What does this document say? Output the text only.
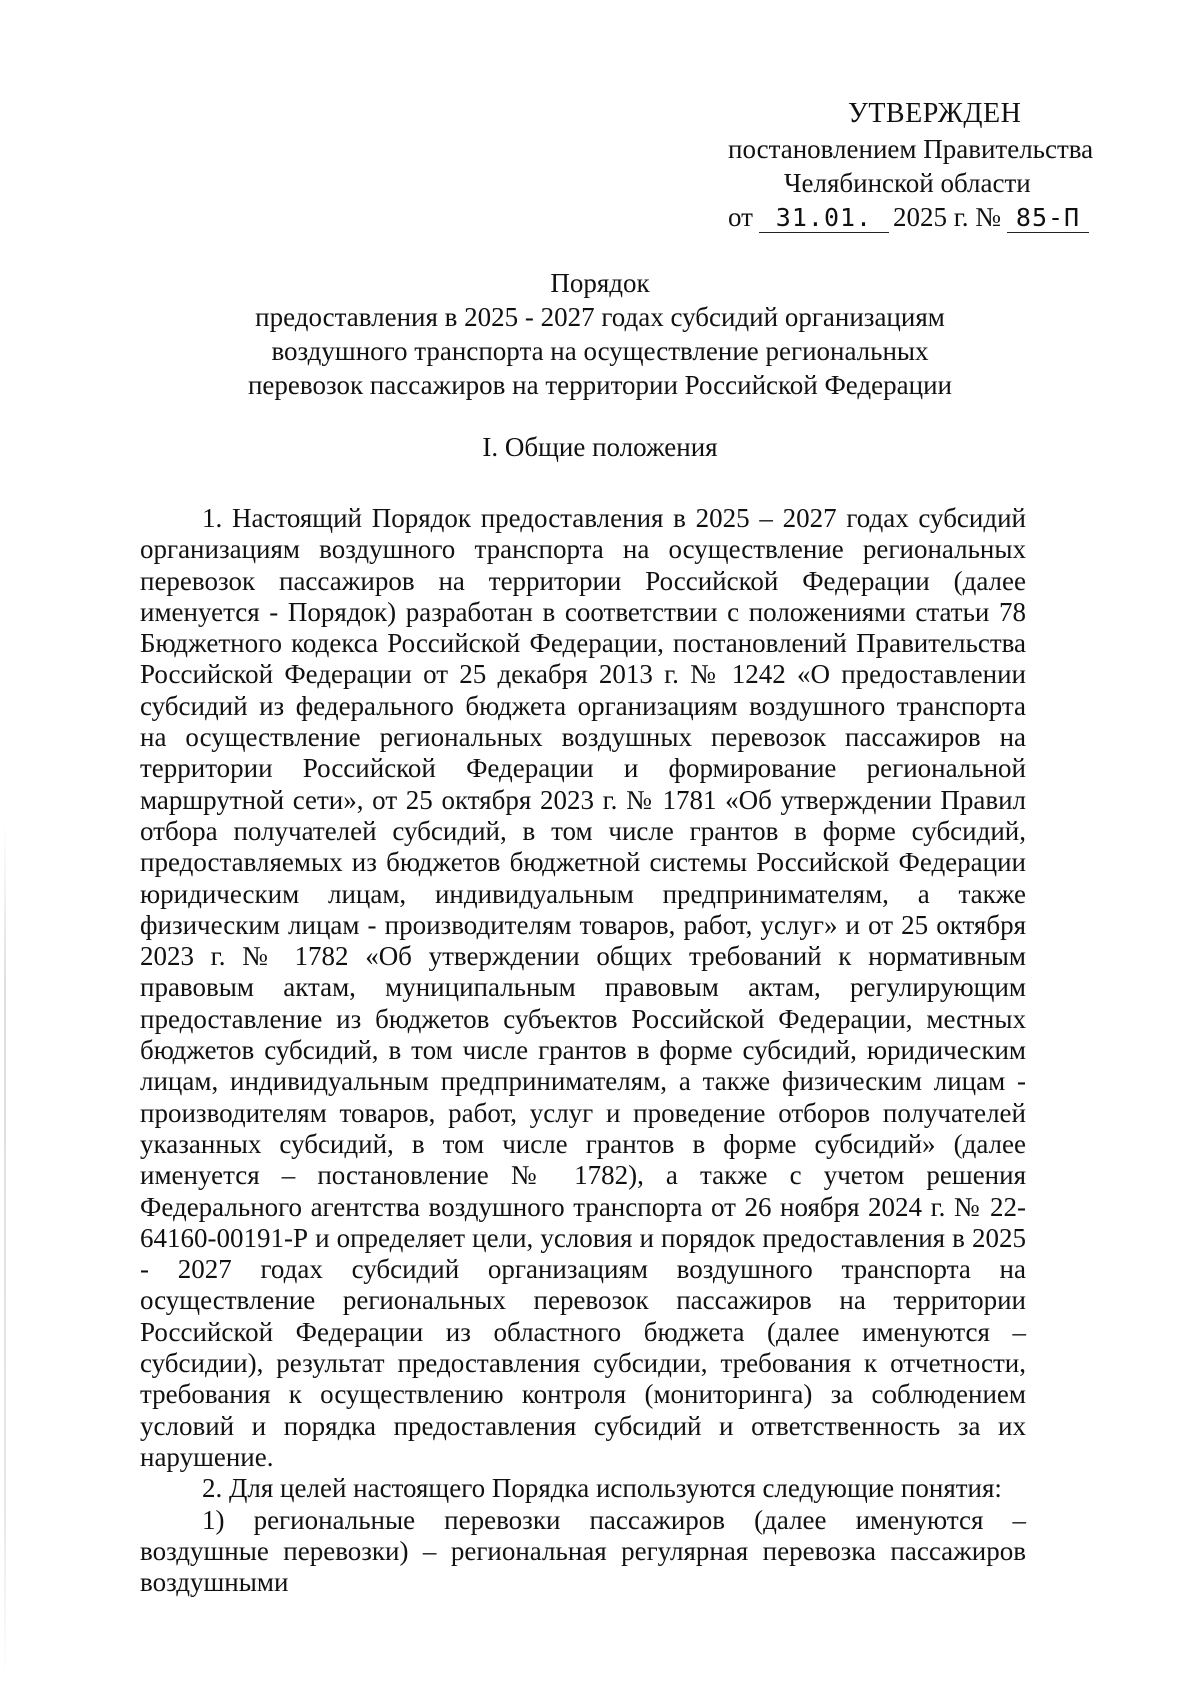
УТВЕРЖДЕН
постановлением Правительства
Челябинской области
от 31.01. 2025 г. № 85-П
Порядок
предоставления в 2025 - 2027 годах субсидий организациям
воздушного транспорта на осуществление региональных
перевозок пассажиров на территории Российской Федерации
I. Общие положения

1. Настоящий Порядок предоставления в 2025 – 2027 годах субсидий организациям воздушного транспорта на осуществление региональных перевозок пассажиров на территории Российской Федерации (далее именуется - Порядок) разработан в соответствии с положениями статьи 78 Бюджетного кодекса Российской Федерации, постановлений Правительства Российской Федерации от 25 декабря 2013 г. № 1242 «О предоставлении субсидий из федерального бюджета организациям воздушного транспорта на осуществление региональных воздушных перевозок пассажиров на территории Российской Федерации и формирование региональной маршрутной сети», от 25 октября 2023 г. № 1781 «Об утверждении Правил отбора получателей субсидий, в том числе грантов в форме субсидий, предоставляемых из бюджетов бюджетной системы Российской Федерации юридическим лицам, индивидуальным предпринимателям, а также физическим лицам - производителям товаров, работ, услуг» и от 25 октября 2023 г. № 1782 «Об утверждении общих требований к нормативным правовым актам, муниципальным правовым актам, регулирующим предоставление из бюджетов субъектов Российской Федерации, местных бюджетов субсидий, в том числе грантов в форме субсидий, юридическим лицам, индивидуальным предпринимателям, а также физическим лицам - производителям товаров, работ, услуг и проведение отборов получателей указанных субсидий, в том числе грантов в форме субсидий» (далее именуется – постановление № 1782), а также с учетом решения Федерального агентства воздушного транспорта от 26 ноября 2024 г. № 22-64160-00191-Р и определяет цели, условия и порядок предоставления в 2025 - 2027 годах субсидий организациям воздушного транспорта на осуществление региональных перевозок пассажиров на территории Российской Федерации из областного бюджета (далее именуются – субсидии), результат предоставления субсидии, требования к отчетности, требования к осуществлению контроля (мониторинга) за соблюдением условий и порядка предоставления субсидий и ответственность за их нарушение.

2. Для целей настоящего Порядка используются следующие понятия:

1) региональные перевозки пассажиров (далее именуются – воздушные перевозки) – региональная регулярная перевозка пассажиров воздушными
